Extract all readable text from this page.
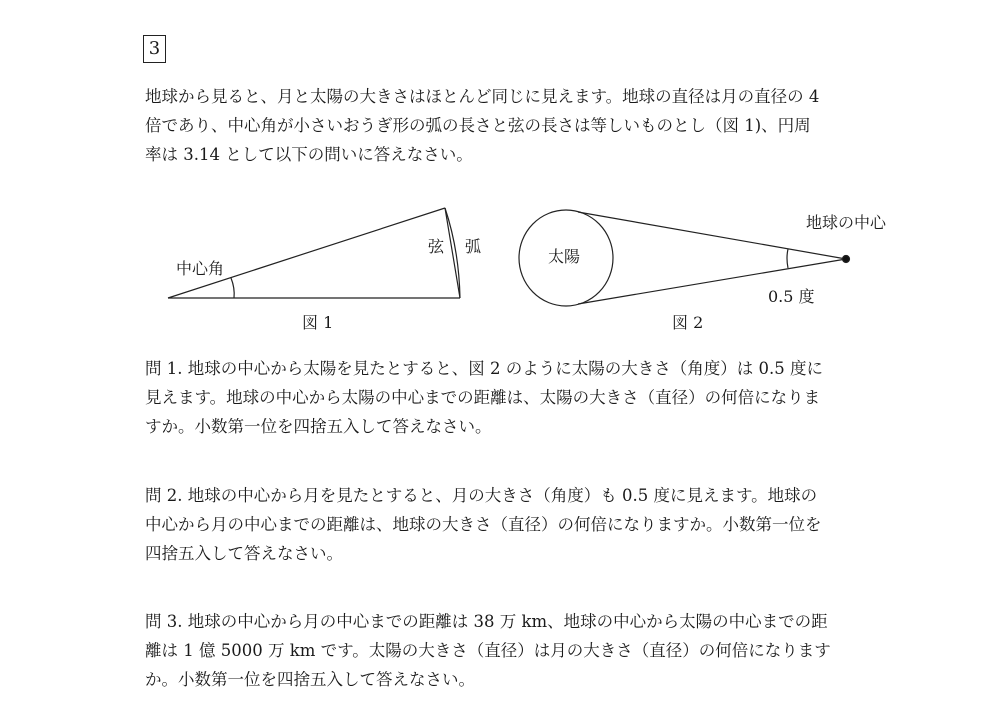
3
地球から見ると、月と太陽の大きさはほとんど同じに見えます。地球の直径は月の直径の 4
倍であり、中心角が小さいおうぎ形の弧の長さと弦の長さは等しいものとし（図 1)、円周
率は 3.14 として以下の問いに答えなさい。
中心角
弦 弧
図 1
太陽
地球の中心
0.5 度
図 2
問 1. 地球の中心から太陽を見たとすると、図 2 のように太陽の大きさ（角度）は 0.5 度に
見えます。地球の中心から太陽の中心までの距離は、太陽の大きさ（直径）の何倍になりま
すか。小数第一位を四捨五入して答えなさい。
問 2. 地球の中心から月を見たとすると、月の大きさ（角度）も 0.5 度に見えます。地球の
中心から月の中心までの距離は、地球の大きさ（直径）の何倍になりますか。小数第一位を
四捨五入して答えなさい。
問 3. 地球の中心から月の中心までの距離は 38 万 km、地球の中心から太陽の中心までの距
離は 1 億 5000 万 km です。太陽の大きさ（直径）は月の大きさ（直径）の何倍になります
か。小数第一位を四捨五入して答えなさい。
